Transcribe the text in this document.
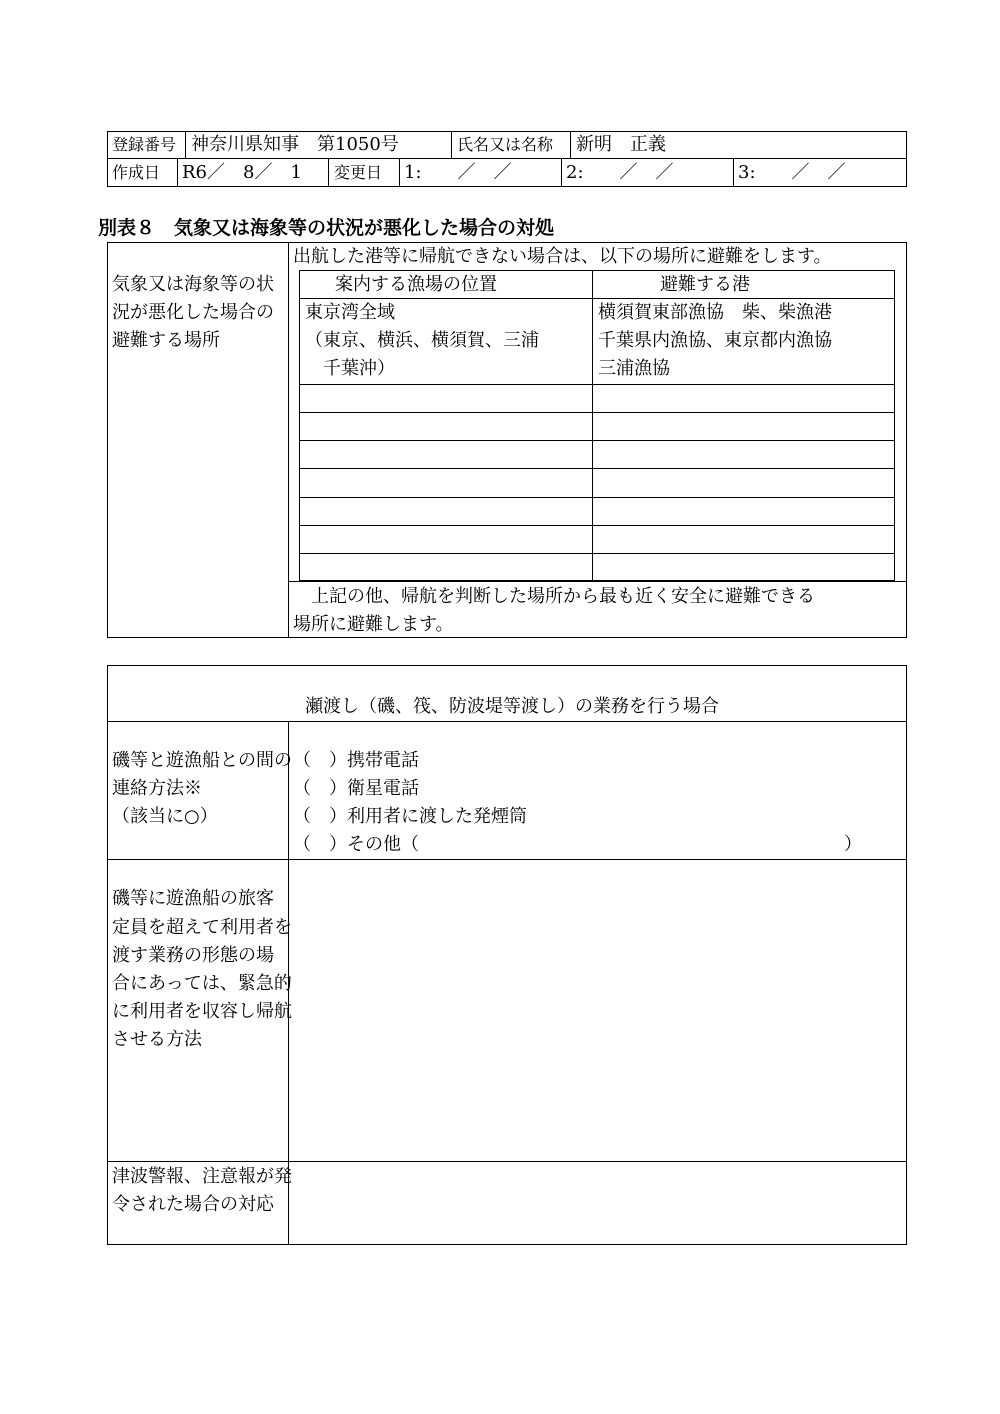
登録番号 神奈川県知事　第1050号	氏名又は名称 新明　正義
作成日 R6／　8／　1 変更日 1:　　／　／	2:　　／　／	3:　　／　／
別表８　気象又は海象等の状況が悪化した場合の対処
気象又は海象等の状
況が悪化した場合の
避難する場所
出航した港等に帰航できない場合は、以下の場所に避難をします。
案内する漁場の位置	避難する港
東京湾全域	横須賀東部漁協　柴、柴漁港
（東京、横浜、横須賀、三浦	千葉県内漁協、東京都内漁協
　千葉沖）	三浦漁協
　上記の他、帰航を判断した場所から最も近く安全に避難できる
場所に避難します。
瀬渡し（磯、筏、防波堤等渡し）の業務を行う場合
磯等と遊漁船との間の
連絡方法※
（該当に○）
（　）携帯電話
（　）衛星電話
（　）利用者に渡した発煙筒
（　）その他（	）
磯等に遊漁船の旅客
定員を超えて利用者を
渡す業務の形態の場
合にあっては、緊急的
に利用者を収容し帰航
させる方法
津波警報、注意報が発
令された場合の対応
